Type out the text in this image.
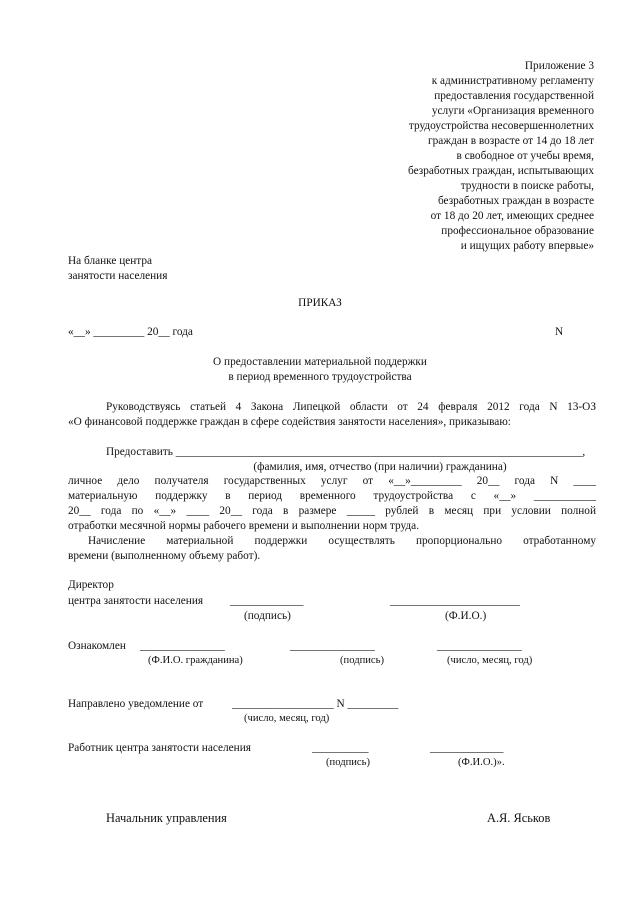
Приложение 3
к административному регламенту
предоставления государственной
услуги «Организация временного
трудоустройства несовершеннолетних
граждан в возрасте от 14 до 18 лет
в свободное от учебы время,
безработных граждан, испытывающих
трудности в поиске работы,
безработных граждан в возрасте
от 18 до 20 лет, имеющих среднее
профессиональное образование
и ищущих работу впервые»
На бланке центра
занятости населения
ПРИКАЗ
«__» _________ 20__ года	N
О предоставлении материальной поддержки
в период временного трудоустройства
Руководствуясь статьей 4 Закона Липецкой области от 24 февраля 2012 года N 13-ОЗ
«О финансовой поддержке граждан в сфере содействия занятости населения», приказываю:
Предоставить ________________________________________________________________________,
(фамилия, имя, отчество (при наличии) гражданина)
личное дело получателя государственных услуг от «__»_________ 20__ года N ____
материальную поддержку в период временного трудоустройства с «__» ___________
20__ года по «__» ____ 20__ года в размере _____ рублей в месяц при условии полной
отработки месячной нормы рабочего времени и выполнении норм труда.
Начисление материальной поддержки осуществлять пропорционально отработанному
времени (выполненному объему работ).
Директор
центра занятости населения _____________	_______________________
(подпись)	(Ф.И.О.)
Ознакомлен _______________	_______________	_______________
(Ф.И.О. гражданина)	(подпись)	(число, месяц, год)
Направлено уведомление от	__________________ N _________
(число, месяц, год)
Работник центра занятости населения	__________	_____________
(подпись)	(Ф.И.О.)».
Начальник управления	А.Я. Яськов
